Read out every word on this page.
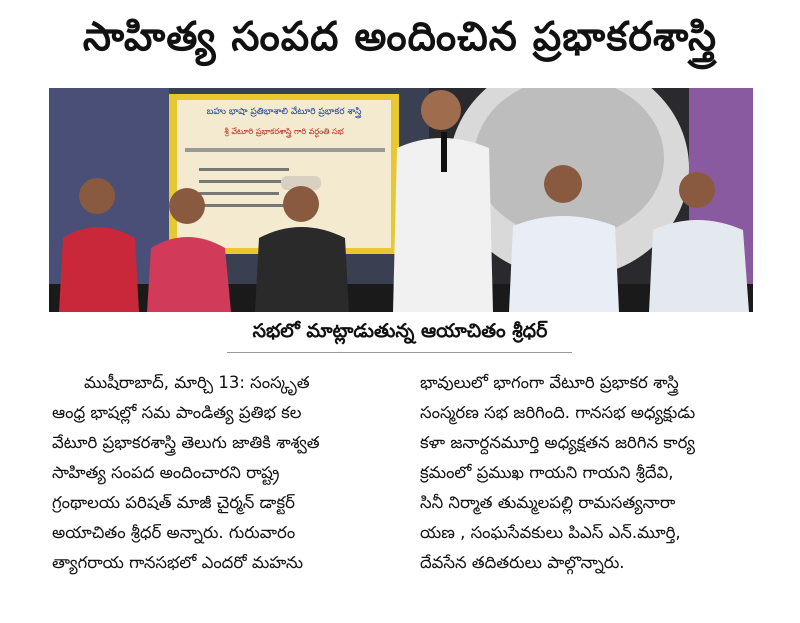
సాహిత్య సంపద అందించిన ప్రభాకరశాస్త్రి
బహు భాషా ప్రతిభాశాలి వేటూరి ప్రభాకర శాస్త్రి
శ్రీ వేటూరి ప్రభాకరశాస్త్రి గారి వర్ధంతి సభ
సభలో మాట్లాడుతున్న ఆయాచితం శ్రీధర్
ముషీరాబాద్, మార్చి 13: సంస్కృత
ఆంధ్ర భాషల్లో సమ పాండిత్య ప్రతిభ కల
వేటూరి ప్రభాకరశాస్త్రి తెలుగు జాతికి శాశ్వత
సాహిత్య సంపద అందించారని రాష్ట్ర
గ్రంథాలయ పరిషత్ మాజీ చైర్మన్ డాక్టర్
అయాచితం శ్రీధర్ అన్నారు. గురువారం
త్యాగరాయ గానసభలో ఎందరో మహను
భావులులో భాగంగా వేటూరి ప్రభాకర శాస్త్రి
సంస్మరణ సభ జరిగింది. గానసభ అధ్యక్షుడు
కళా జనార్దనమూర్తి అధ్యక్షతన జరిగిన కార్య
క్రమంలో ప్రముఖ గాయని గాయని శ్రీదేవి,
సినీ నిర్మాత తుమ్మలపల్లి రామసత్యనారా
యణ , సంఘసేవకులు పిఎస్ ఎన్.మూర్తి,
దేవసేన తదితరులు పాల్గొన్నారు.
